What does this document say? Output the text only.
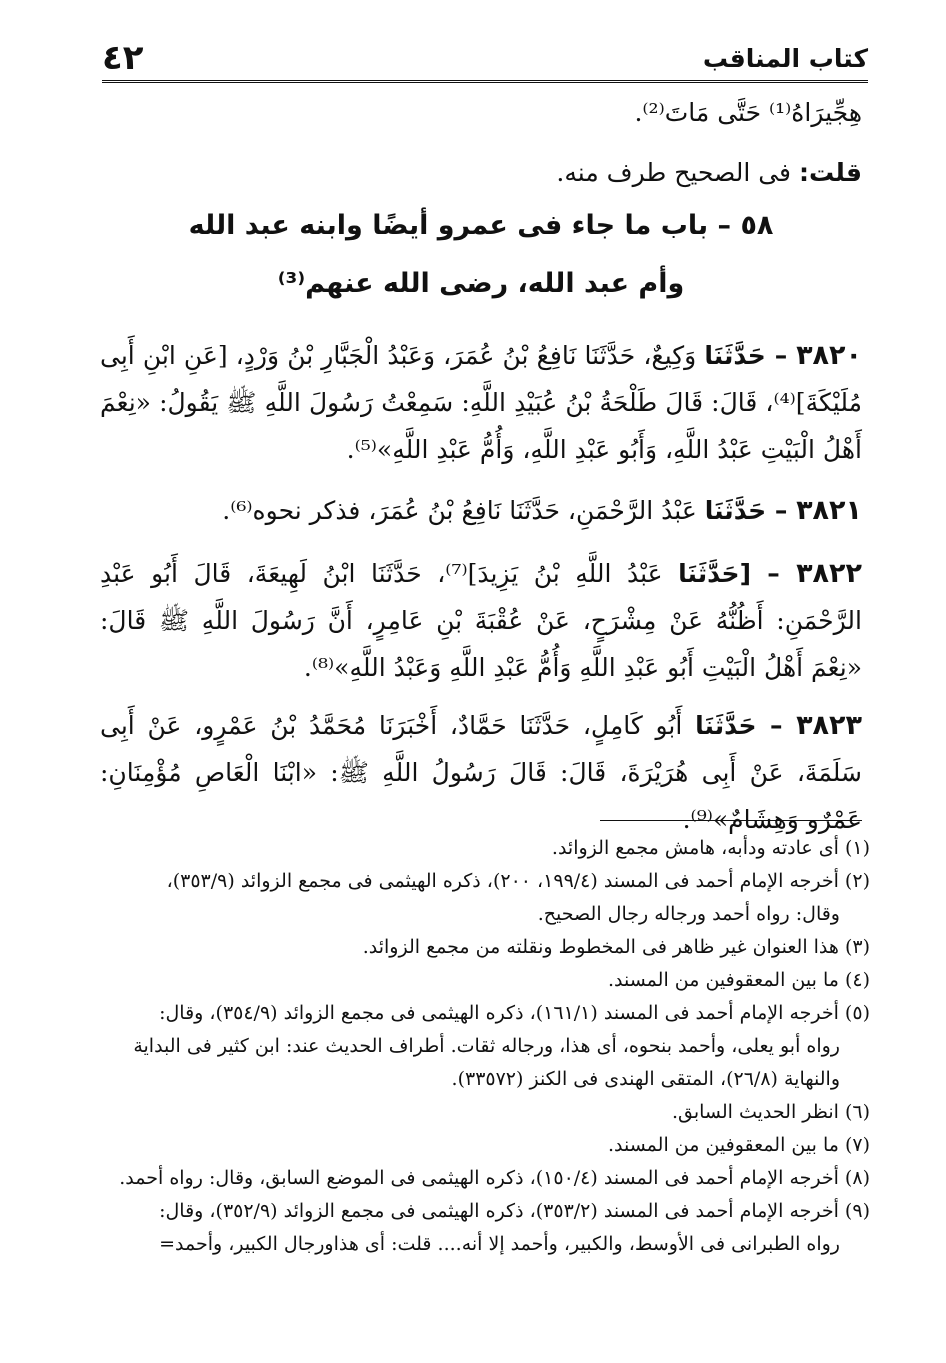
كتاب المناقب
٤٢
هِجِّيرَاهُ⁽¹⁾ حَتَّى مَاتَ⁽²⁾.
قلت: فى الصحيح طرف منه.
٥٨ – باب ما جاء فى عمرو أيضًا وابنه عبد الله
وأم عبد الله، رضى الله عنهم⁽³⁾
٣٨٢٠ – حَدَّثَنَا وَكِيعٌ، حَدَّثَنَا نَافِعُ بْنُ عُمَرَ، وَعَبْدُ الْجَبَّارِ بْنُ وَرْدٍ، [عَنِ ابْنِ أَبِى مُلَيْكَةَ]⁽⁴⁾، قَالَ: قَالَ طَلْحَةُ بْنُ عُبَيْدِ اللَّهِ: سَمِعْتُ رَسُولَ اللَّهِ ﷺ يَقُولُ: «نِعْمَ أَهْلُ الْبَيْتِ عَبْدُ اللَّهِ، وَأَبُو عَبْدِ اللَّهِ، وَأُمُّ عَبْدِ اللَّهِ»⁽⁵⁾.
٣٨٢١ – حَدَّثَنَا عَبْدُ الرَّحْمَنِ، حَدَّثَنَا نَافِعُ بْنُ عُمَرَ، فذكر نحوه⁽⁶⁾.
٣٨٢٢ – [حَدَّثَنَا عَبْدُ اللَّهِ بْنُ يَزِيدَ]⁽⁷⁾، حَدَّثَنَا ابْنُ لَهِيعَةَ، قَالَ أَبُو عَبْدِ الرَّحْمَنِ: أَظُنُّهُ عَنْ مِشْرَحٍ، عَنْ عُقْبَةَ بْنِ عَامِرٍ، أَنَّ رَسُولَ اللَّهِ ﷺ قَالَ: «نِعْمَ أَهْلُ الْبَيْتِ أَبُو عَبْدِ اللَّهِ وَأُمُّ عَبْدِ اللَّهِ وَعَبْدُ اللَّهِ»⁽⁸⁾.
٣٨٢٣ – حَدَّثَنَا أَبُو كَامِلٍ، حَدَّثَنَا حَمَّادٌ، أَخْبَرَنَا مُحَمَّدُ بْنُ عَمْرٍو، عَنْ أَبِى سَلَمَةَ، عَنْ أَبِى هُرَيْرَةَ، قَالَ: قَالَ رَسُولُ اللَّهِ ﷺ: «ابْنَا الْعَاصِ مُؤْمِنَانِ: عَمْرٌو وَهِشَامٌ»⁽⁹⁾.
(١) أى عادته ودأبه، هامش مجمع الزوائد.
(٢) أخرجه الإمام أحمد فى المسند (١٩٩/٤، ٢٠٠)، ذكره الهيثمى فى مجمع الزوائد (٣٥٣/٩)،
وقال: رواه أحمد ورجاله رجال الصحيح.
(٣) هذا العنوان غير ظاهر فى المخطوط ونقلته من مجمع الزوائد.
(٤) ما بين المعقوفين من المسند.
(٥) أخرجه الإمام أحمد فى المسند (١٦١/١)، ذكره الهيثمى فى مجمع الزوائد (٣٥٤/٩)، وقال:
رواه أبو يعلى، وأحمد بنحوه، أى هذا، ورجاله ثقات. أطراف الحديث عند: ابن كثير فى البداية
والنهاية (٢٦/٨)، المتقى الهندى فى الكنز (٣٣٥٧٢).
(٦) انظر الحديث السابق.
(٧) ما بين المعقوفين من المسند.
(٨) أخرجه الإمام أحمد فى المسند (١٥٠/٤)، ذكره الهيثمى فى الموضع السابق، وقال: رواه أحمد.
(٩) أخرجه الإمام أحمد فى المسند (٣٥٣/٢)، ذكره الهيثمى فى مجمع الزوائد (٣٥٢/٩)، وقال:
رواه الطبرانى فى الأوسط، والكبير، وأحمد إلا أنه.... قلت: أى هذاورجال الكبير، وأحمد=
